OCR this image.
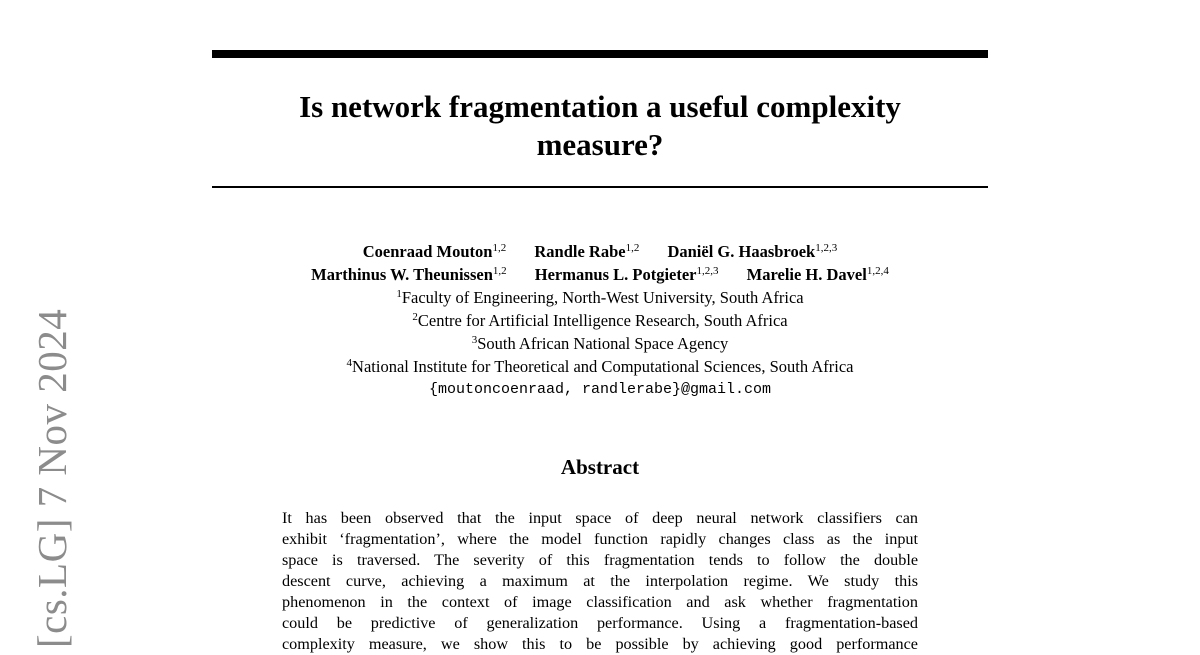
[cs.LG] 7 Nov 2024
Is network fragmentation a useful complexity
measure?
Coenraad Mouton$^{1,2}$ Randle Rabe$^{1,2}$ Daniël G. Haasbroek$^{1,2,3}$
Marthinus W. Theunissen$^{1,2}$ Hermanus L. Potgieter$^{1,2,3}$ Marelie H. Davel$^{1,2,4}$
$^1$Faculty of Engineering, North-West University, South Africa
$^2$Centre for Artificial Intelligence Research, South Africa
$^3$South African National Space Agency
$^4$National Institute for Theoretical and Computational Sciences, South Africa
{moutoncoenraad, randlerabe}@gmail.com
Abstract
It has been observed that the input space of deep neural network classifiers can
exhibit ‘fragmentation’, where the model function rapidly changes class as the input
space is traversed. The severity of this fragmentation tends to follow the double
descent curve, achieving a maximum at the interpolation regime. We study this
phenomenon in the context of image classification and ask whether fragmentation
could be predictive of generalization performance. Using a fragmentation-based
complexity measure, we show this to be possible by achieving good performance
